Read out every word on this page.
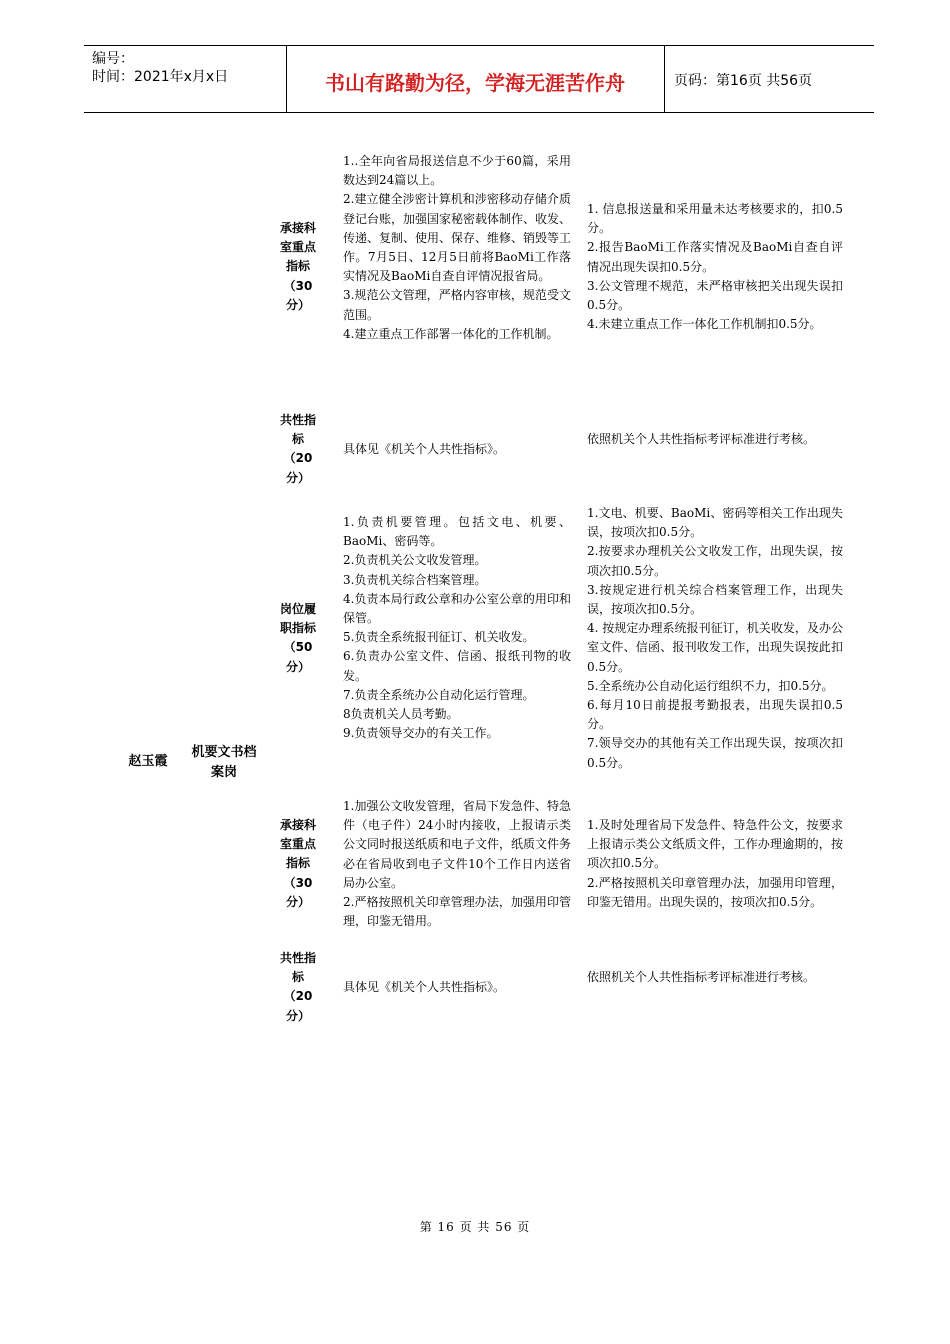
编号：
时间：2021年x月x日	书山有路勤为径，学海无涯苦作舟	页码：第16页 共56页
赵玉霞
机要文书档案岗
承接科室重点指标（30分）
1..全年向省局报送信息不少于60篇，采用数达到24篇以上。
2.建立健全涉密计算机和涉密移动存储介质登记台账，加强国家秘密载体制作、收发、传递、复制、使用、保存、维修、销毁等工作。7月5日、12月5日前将BaoMi工作落实情况及BaoMi自查自评情况报省局。
3.规范公文管理，严格内容审核，规范受文范围。
4.建立重点工作部署一体化的工作机制。
1. 信息报送量和采用量未达考核要求的，扣0.5分。
2.报告BaoMi工作落实情况及BaoMi自查自评情况出现失误扣0.5分。
3.公文管理不规范，未严格审核把关出现失误扣0.5分。
4.未建立重点工作一体化工作机制扣0.5分。
共性指标（20分）
具体见《机关个人共性指标》。
依照机关个人共性指标考评标准进行考核。
岗位履职指标（50分）
1.负责机要管理。包括文电、机要、BaoMi、密码等。
2.负责机关公文收发管理。
3.负责机关综合档案管理。
4.负责本局行政公章和办公室公章的用印和保管。
5.负责全系统报刊征订、机关收发。
6.负责办公室文件、信函、报纸刊物的收发。
7.负责全系统办公自动化运行管理。
8负责机关人员考勤。
9.负责领导交办的有关工作。
1.文电、机要、BaoMi、密码等相关工作出现失误，按项次扣0.5分。
2.按要求办理机关公文收发工作，出现失误，按项次扣0.5分。
3.按规定进行机关综合档案管理工作，出现失误，按项次扣0.5分。
4. 按规定办理系统报刊征订，机关收发，及办公室文件、信函、报刊收发工作，出现失误按此扣0.5分。
5.全系统办公自动化运行组织不力，扣0.5分。
6.每月10日前提报考勤报表，出现失误扣0.5分。
7.领导交办的其他有关工作出现失误，按项次扣0.5分。
承接科室重点指标（30分）
1.加强公文收发管理，省局下发急件、特急件（电子件）24小时内接收，上报请示类公文同时报送纸质和电子文件，纸质文件务必在省局收到电子文件10个工作日内送省局办公室。
2.严格按照机关印章管理办法，加强用印管理，印鉴无错用。
1.及时处理省局下发急件、特急件公文，按要求上报请示类公文纸质文件，工作办理逾期的，按项次扣0.5分。
2.严格按照机关印章管理办法，加强用印管理，印鉴无错用。出现失误的，按项次扣0.5分。
共性指标（20分）
具体见《机关个人共性指标》。
依照机关个人共性指标考评标准进行考核。
第 16 页 共 56 页
